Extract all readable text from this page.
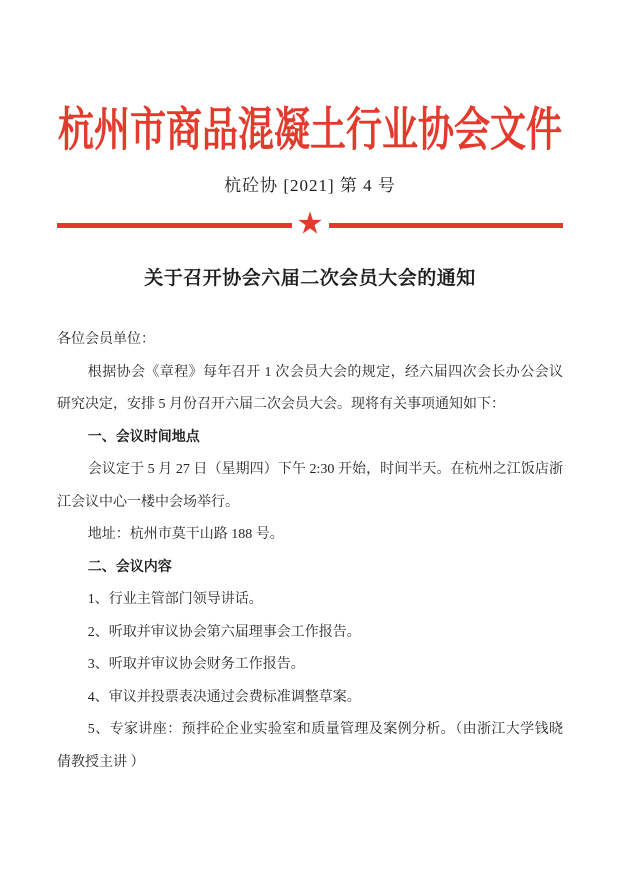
杭州市商品混凝土行业协会文件
杭砼协 [2021] 第 4 号
★
关于召开协会六届二次会员大会的通知

各位会员单位：

根据协会《章程》每年召开 1 次会员大会的规定，经六届四次会长办公会议研究决定，安排 5 月份召开六届二次会员大会。现将有关事项通知如下：

一、会议时间地点

会议定于 5 月 27 日（星期四）下午 2:30 开始，时间半天。在杭州之江饭店浙江会议中心一楼中会场举行。

地址：杭州市莫干山路 188 号。

二、会议内容

1、行业主管部门领导讲话。

2、听取并审议协会第六届理事会工作报告。

3、听取并审议协会财务工作报告。

4、审议并投票表决通过会费标准调整草案。

5、专家讲座：预拌砼企业实验室和质量管理及案例分析。（由浙江大学钱晓倩教授主讲 ）
